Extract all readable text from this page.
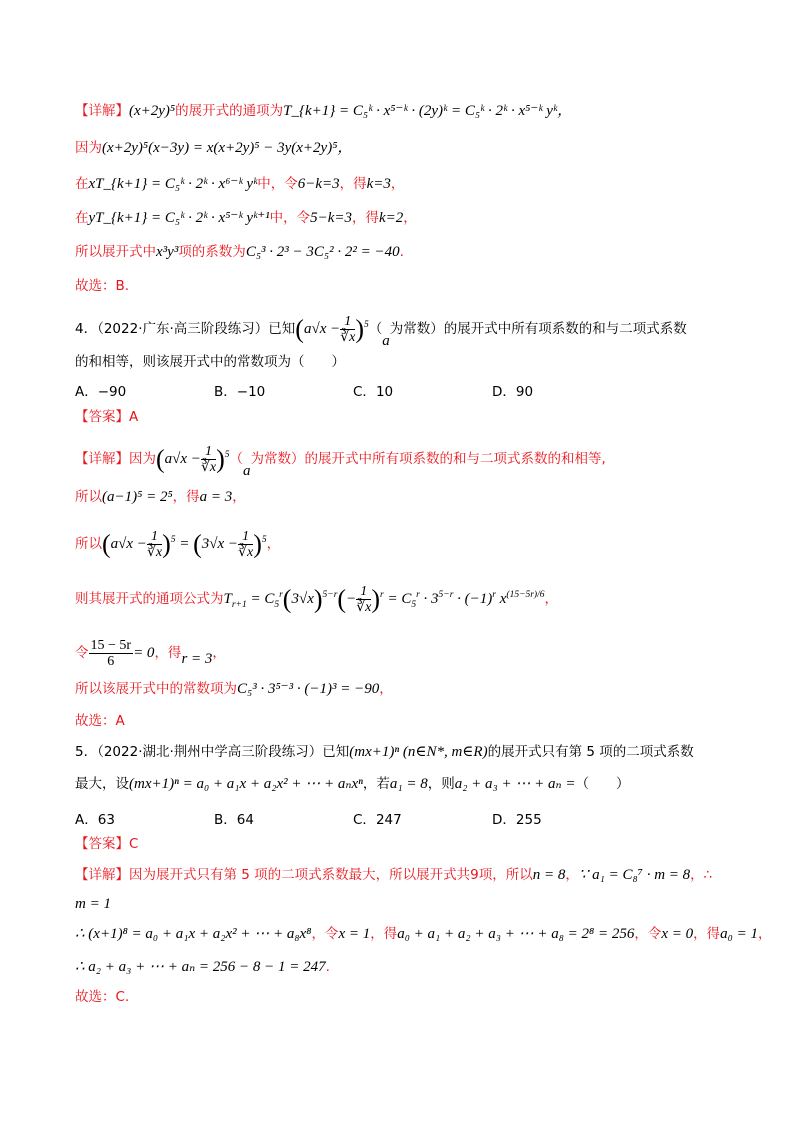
【详解】(x+2y)⁵的展开式的通项为T_{k+1} = C₅ᵏ · x⁵⁻ᵏ · (2y)ᵏ = C₅ᵏ · 2ᵏ · x⁵⁻ᵏ yᵏ，
因为(x+2y)⁵(x−3y) = x(x+2y)⁵ − 3y(x+2y)⁵，
在xT_{k+1} = C₅ᵏ · 2ᵏ · x⁶⁻ᵏ yᵏ中，令6−k=3，得k=3，
在yT_{k+1} = C₅ᵏ · 2ᵏ · x⁵⁻ᵏ yᵏ⁺¹中，令5−k=3，得k=2，
所以展开式中x³y³项的系数为C₅³ · 2³ − 3C₅² · 2² = −40.
故选：B.
4．（2022·广东·高三阶段练习）已知$(a√x - \frac{1}{∛x} )^5(a$为常数）的展开式中所有项系数的和与二项式系数
的和相等，则该展开式中的常数项为（　　）
A．−90	B．−10	C．10	D．90
【答案】A
【详解】因为$(a√x - \frac{1}{∛x} )^5(a$为常数）的展开式中所有项系数的和与二项式系数的和相等,
所以(a−1)⁵ = 2⁵，得a = 3，
所以$(a√x - \frac{1}{∛x} )^5 = (3√x - \frac{1}{∛x} )^5$，
则其展开式的通项公式为$T_{r+1} = C_5^r(3√x)^{5-r}(- \frac{1}{∛x} )^r = C_5^r \cdot 3^{5-r} \cdot (-1)^r$ $x^{(15-5r)/6}$，
令 $\frac{15 - 5r}{6} = 0$，得r = 3，
所以该展开式中的常数项为C₅³ · 3⁵⁻³ · (−1)³ = −90，
故选：A
5．（2022·湖北·荆州中学高三阶段练习）已知(mx+1)ⁿ (n∈N*, m∈R)的展开式只有第 5 项的二项式系数
最大，设(mx+1)ⁿ = a₀ + a₁x + a₂x² + ⋯ + aₙxⁿ，若a₁ = 8，则a₂ + a₃ + ⋯ + aₙ =（　　）
A．63	B．64	C．247	D．255
【答案】C
【详解】因为展开式只有第 5 项的二项式系数最大，所以展开式共9项，所以n = 8，∵ a₁ = C₈⁷ · m = 8，∴
m = 1
∴ (x+1)⁸ = a₀ + a₁x + a₂x² + ⋯ + a₈x⁸，令x = 1，得a₀ + a₁ + a₂ + a₃ + ⋯ + a₈ = 2⁸ = 256，令x = 0，得a₀ = 1，
∴ a₂ + a₃ + ⋯ + aₙ = 256 − 8 − 1 = 247.
故选：C.
